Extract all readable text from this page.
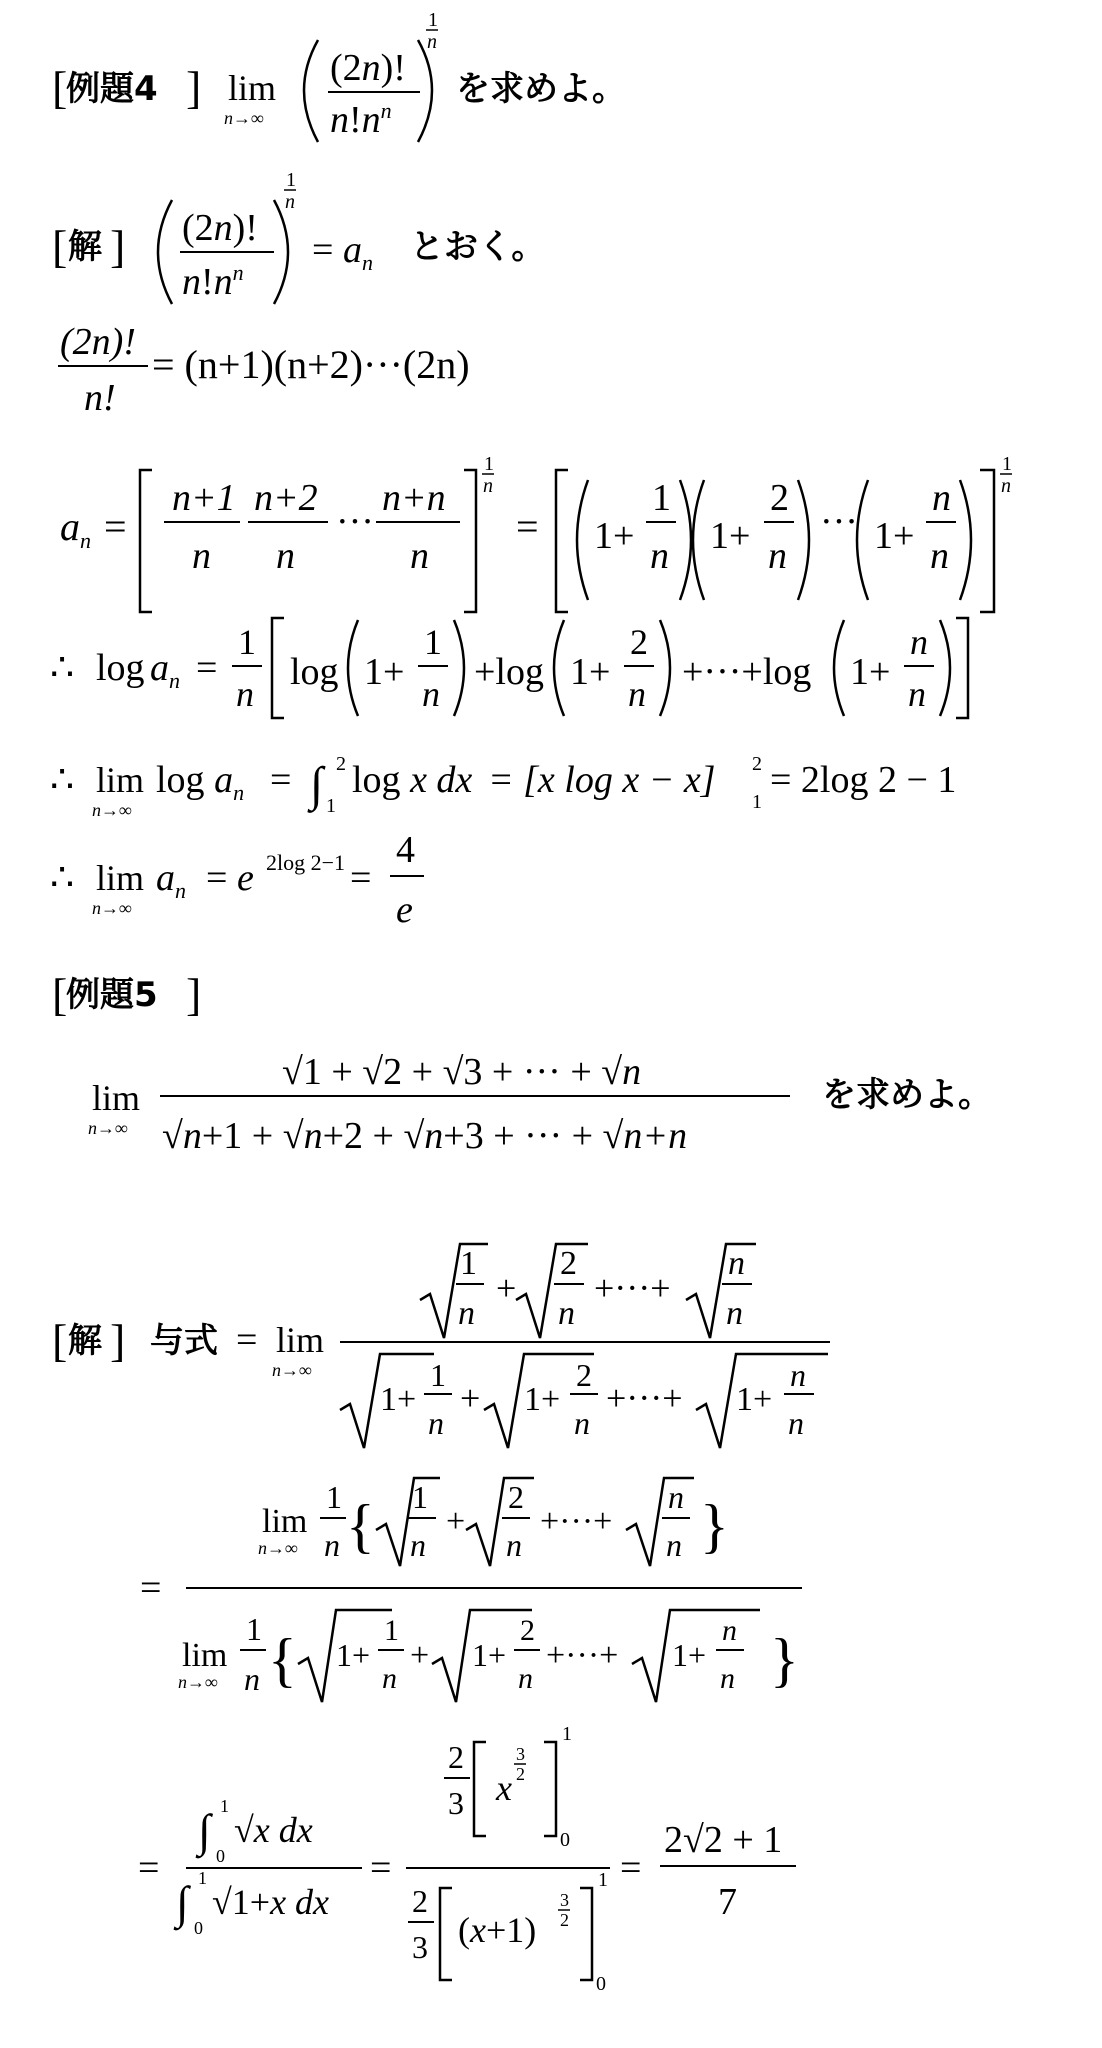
[
例題4 ] lim
n→∞
(2n)!
$n!n^n$
1
n
を求めよ。
[ 解 ] (2n)!
$n!n^n$
1
n
= $a_n$ とおく。
(2n)!
n!
= (n+1)(n+2)···(2n)
$a_n$ =
n+1
n
n+2
n
···
n+n
n
1
n
= 1+
1
n 1+
2
n
··· 1+
n
n
1
n
∴ $\log a_n$ =
1
n
log 1+
1
n
+log 1+
2
n
+···+log 1+
n
n
∴ lim
n→∞
$\log a_n$ = ∫ 2
1
log x dx = [x log x − x] 2
1
= 2log 2 − 1
∴ lim
n→∞
$a_n = e$ 2log 2−1 =
4
e
[
例題5 ]
lim
n→∞
√1 + √2 + √3 + ··· + √n
√n+1 + √n+2 + √n+3 + ··· + √n+n
を求めよ。
[ 解 ] 与式 = lim
n→∞
1
n
+
2
n
+···+
n
n
1+
1
n
+ 1+
2
n
+···+ 1+
n
n
=
lim
n→∞
1
n { 1
n
+
2
n
+···+
n
n }
lim
n→∞
1
n { 1+
1
n
+ 1+
2
n
+···+ 1+
n
n }
=
∫ 1
0
√x dx
∫ 1
0
√1+x dx
=
2
3 x
3
2
1
0
2
3 (x+1)
3
2
1
0
=
2√2 + 1
7
